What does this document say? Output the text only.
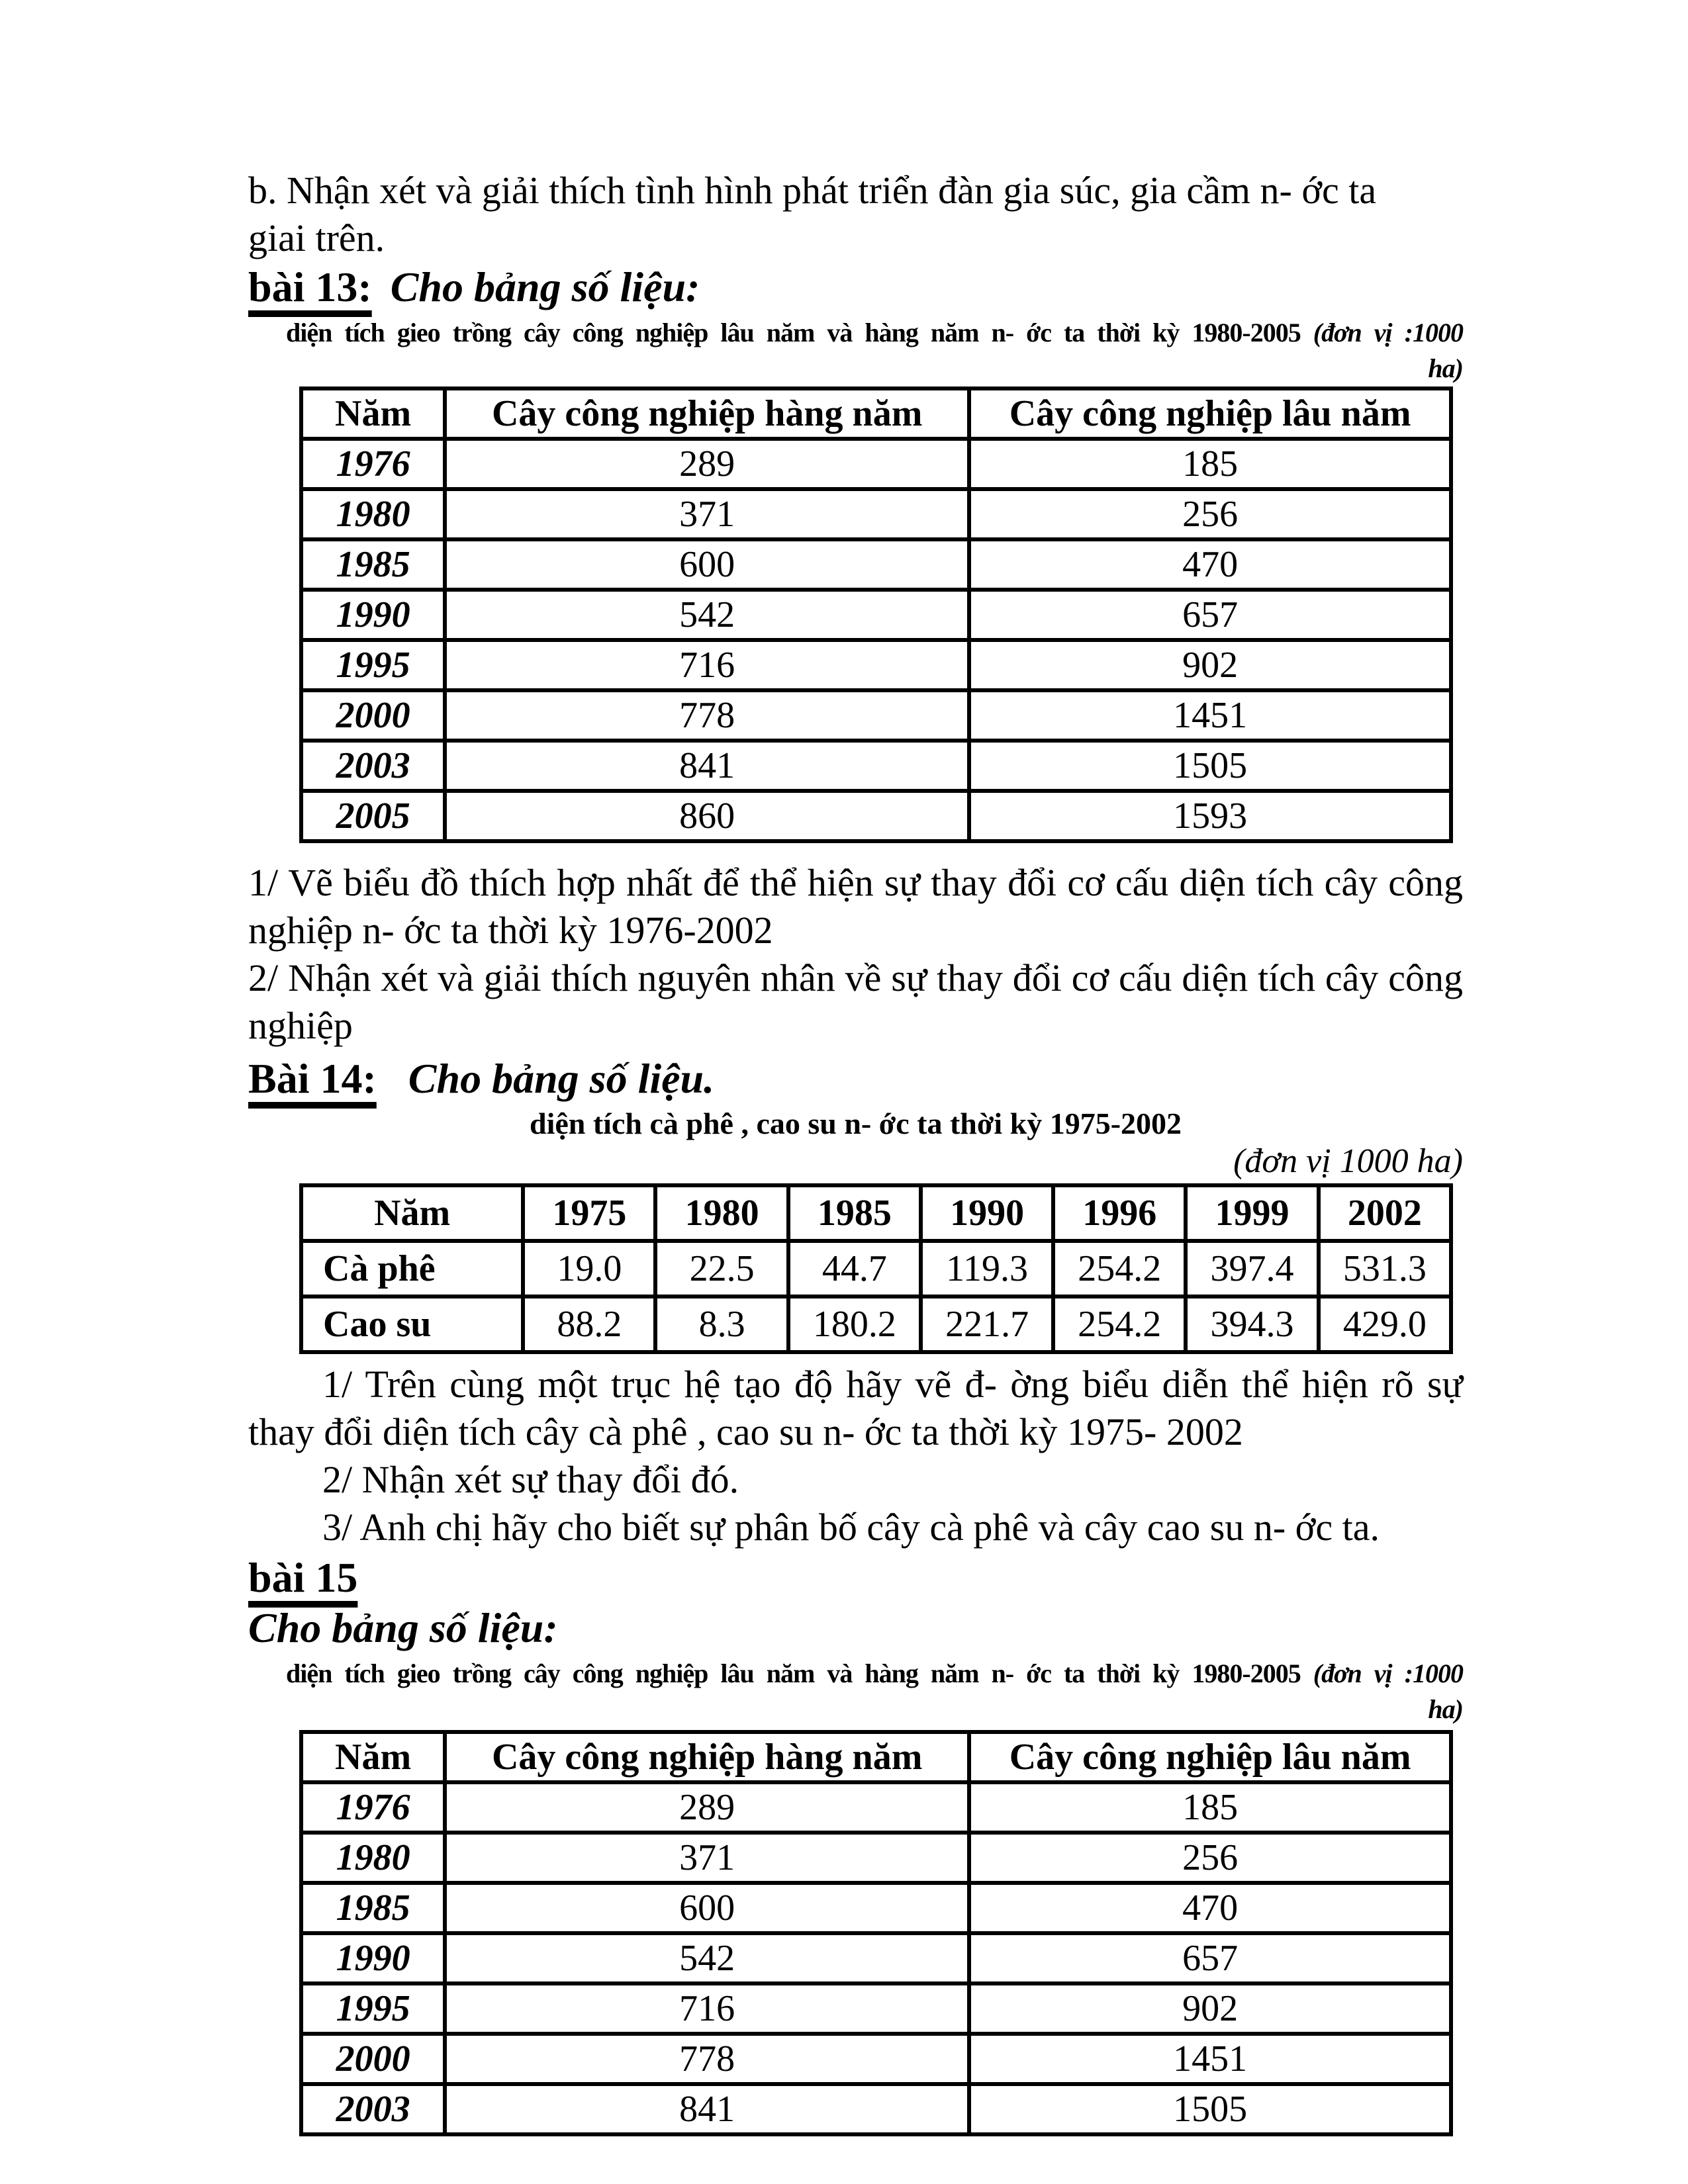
b. Nhận xét và giải thích tình hình phát triển đàn gia súc, gia cầm n- ớc ta
giai trên.

bài 13: Cho bảng số liệu:
diện tích gieo trồng cây công nghiệp lâu năm và hàng năm n- ớc ta thời kỳ 1980-2005 (đơn vị :1000
ha)
Năm	Cây công nghiệp hàng năm	Cây công nghiệp lâu năm
1976	289	185
1980	371	256
1985	600	470
1990	542	657
1995	716	902
2000	778	1451
2003	841	1505
2005	860	1593

1/ Vẽ biểu đồ thích hợp nhất để thể hiện sự thay đổi cơ cấu diện tích cây công nghiệp n- ớc ta thời kỳ 1976-2002

2/ Nhận xét và giải thích nguyên nhân về sự thay đổi cơ cấu diện tích cây công nghiệp

Bài 14: Cho bảng số liệu.
diện tích cà phê , cao su n- ớc ta thời kỳ 1975-2002
(đơn vị 1000 ha)
Năm	1975	1980	1985	1990	1996	1999	2002
Cà phê	19.0	22.5	44.7	119.3	254.2	397.4	531.3
Cao su	88.2	8.3	180.2	221.7	254.2	394.3	429.0

1/ Trên cùng một trục hệ tạo độ hãy vẽ đ- ờng biểu diễn thể hiện rõ sự thay đổi diện tích cây cà phê , cao su n- ớc ta thời kỳ 1975- 2002

2/ Nhận xét sự thay đổi đó.

3/ Anh chị hãy cho biết sự phân bố cây cà phê và cây cao su n- ớc ta.

bài 15
Cho bảng số liệu:
diện tích gieo trồng cây công nghiệp lâu năm và hàng năm n- ớc ta thời kỳ 1980-2005 (đơn vị :1000
ha)
Năm	Cây công nghiệp hàng năm	Cây công nghiệp lâu năm
1976	289	185
1980	371	256
1985	600	470
1990	542	657
1995	716	902
2000	778	1451
2003	841	1505
